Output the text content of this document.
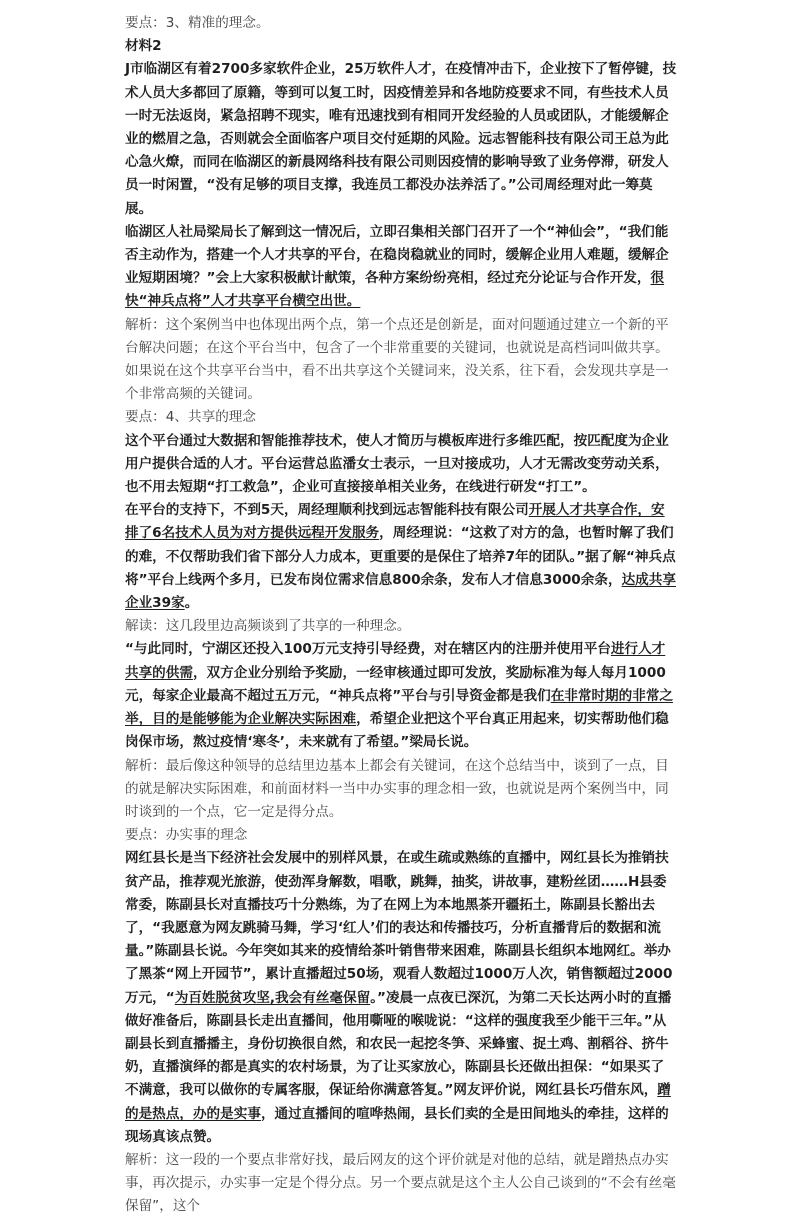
要点：3、精准的理念。

材料2

J市临湖区有着2700多家软件企业，25万软件人才，在疫情冲击下，企业按下了暂停键，技术人员大多都回了原籍，等到可以复工时，因疫情差异和各地防疫要求不同，有些技术人员一时无法返岗，紧急招聘不现实，唯有迅速找到有相同开发经验的人员或团队，才能缓解企业的燃眉之急，否则就会全面临客户项目交付延期的风险。远志智能科技有限公司王总为此心急火燎，而同在临湖区的新晨网络科技有限公司则因疫情的影响导致了业务停滞，研发人员一时闲置，“没有足够的项目支撑，我连员工都没办法养活了。”公司周经理对此一筹莫展。

临湖区人社局梁局长了解到这一情况后，立即召集相关部门召开了一个“神仙会”，“我们能否主动作为，搭建一个人才共享的平台，在稳岗稳就业的同时，缓解企业用人难题，缓解企业短期困境？”会上大家积极献计献策，各种方案纷纷亮相，经过充分论证与合作开发，很快“神兵点将”人才共享平台横空出世。

解析：这个案例当中也体现出两个点，第一个点还是创新是，面对问题通过建立一个新的平台解决问题；在这个平台当中，包含了一个非常重要的关键词，也就说是高档词叫做共享。如果说在这个共享平台当中，看不出共享这个关键词来，没关系，往下看，会发现共享是一个非常高频的关键词。

要点：4、共享的理念

这个平台通过大数据和智能推荐技术，使人才简历与模板库进行多维匹配，按匹配度为企业用户提供合适的人才。平台运营总监潘女士表示，一旦对接成功，人才无需改变劳动关系，也不用去短期“打工救急”，企业可直接接单相关业务，在线进行研发“打工”。

在平台的支持下，不到5天，周经理顺利找到远志智能科技有限公司开展人才共享合作，安排了6名技术人员为对方提供远程开发服务，周经理说：“这救了对方的急，也暂时解了我们的难，不仅帮助我们省下部分人力成本，更重要的是保住了培养7年的团队。”据了解“神兵点将”平台上线两个多月，已发布岗位需求信息800余条，发布人才信息3000余条，达成共享企业39家。

解读：这几段里边高频谈到了共享的一种理念。

“与此同时，宁湖区还投入100万元支持引导经费，对在辖区内的注册并使用平台进行人才共享的供需，双方企业分别给予奖励，一经审核通过即可发放，奖励标准为每人每月1000元，每家企业最高不超过五万元，“神兵点将”平台与引导资金都是我们在非常时期的非常之举，目的是能够能为企业解决实际困难，希望企业把这个平台真正用起来，切实帮助他们稳岗保市场，熬过疫情‘寒冬’，未来就有了希望。”梁局长说。

解析：最后像这种领导的总结里边基本上都会有关键词，在这个总结当中，谈到了一点，目的就是解决实际困难，和前面材料一当中办实事的理念相一致，也就说是两个案例当中，同时谈到的一个点，它一定是得分点。

要点：办实事的理念

网红县长是当下经济社会发展中的别样风景，在或生疏或熟练的直播中，网红县长为推销扶贫产品，推荐观光旅游，使劲浑身解数，唱歌，跳舞，抽奖，讲故事，建粉丝团……H县委常委，陈副县长对直播技巧十分熟练，为了在网上为本地黑茶开疆拓土，陈副县长豁出去了，“我愿意为网友跳骑马舞，学习‘红人’们的表达和传播技巧，分析直播背后的数据和流量。”陈副县长说。今年突如其来的疫情给茶叶销售带来困难，陈副县长组织本地网红。举办了黑茶“网上开园节”，累计直播超过50场，观看人数超过1000万人次，销售额超过2000万元，“为百姓脱贫攻坚,我会有丝毫保留。”凌晨一点夜已深沉，为第二天长达两小时的直播做好准备后，陈副县长走出直播间，他用嘶哑的喉咙说：“这样的强度我至少能干三年。”从副县长到直播播主，身份切换很自然，和农民一起挖冬笋、采蜂蜜、捉土鸡、割稻谷、挤牛奶，直播演绎的都是真实的农村场景，为了让买家放心，陈副县长还做出担保：“如果买了不满意，我可以做你的专属客服，保证给你满意答复。”网友评价说，网红县长巧借东风，蹭的是热点，办的是实事，通过直播间的喧哗热闹，县长们卖的全是田间地头的牵挂，这样的现场真该点赞。

解析：这一段的一个要点非常好找，最后网友的这个评价就是对他的总结，就是蹭热点办实事，再次提示，办实事一定是个得分点。另一个要点就是这个主人公自己谈到的“不会有丝毫保留”，这个
